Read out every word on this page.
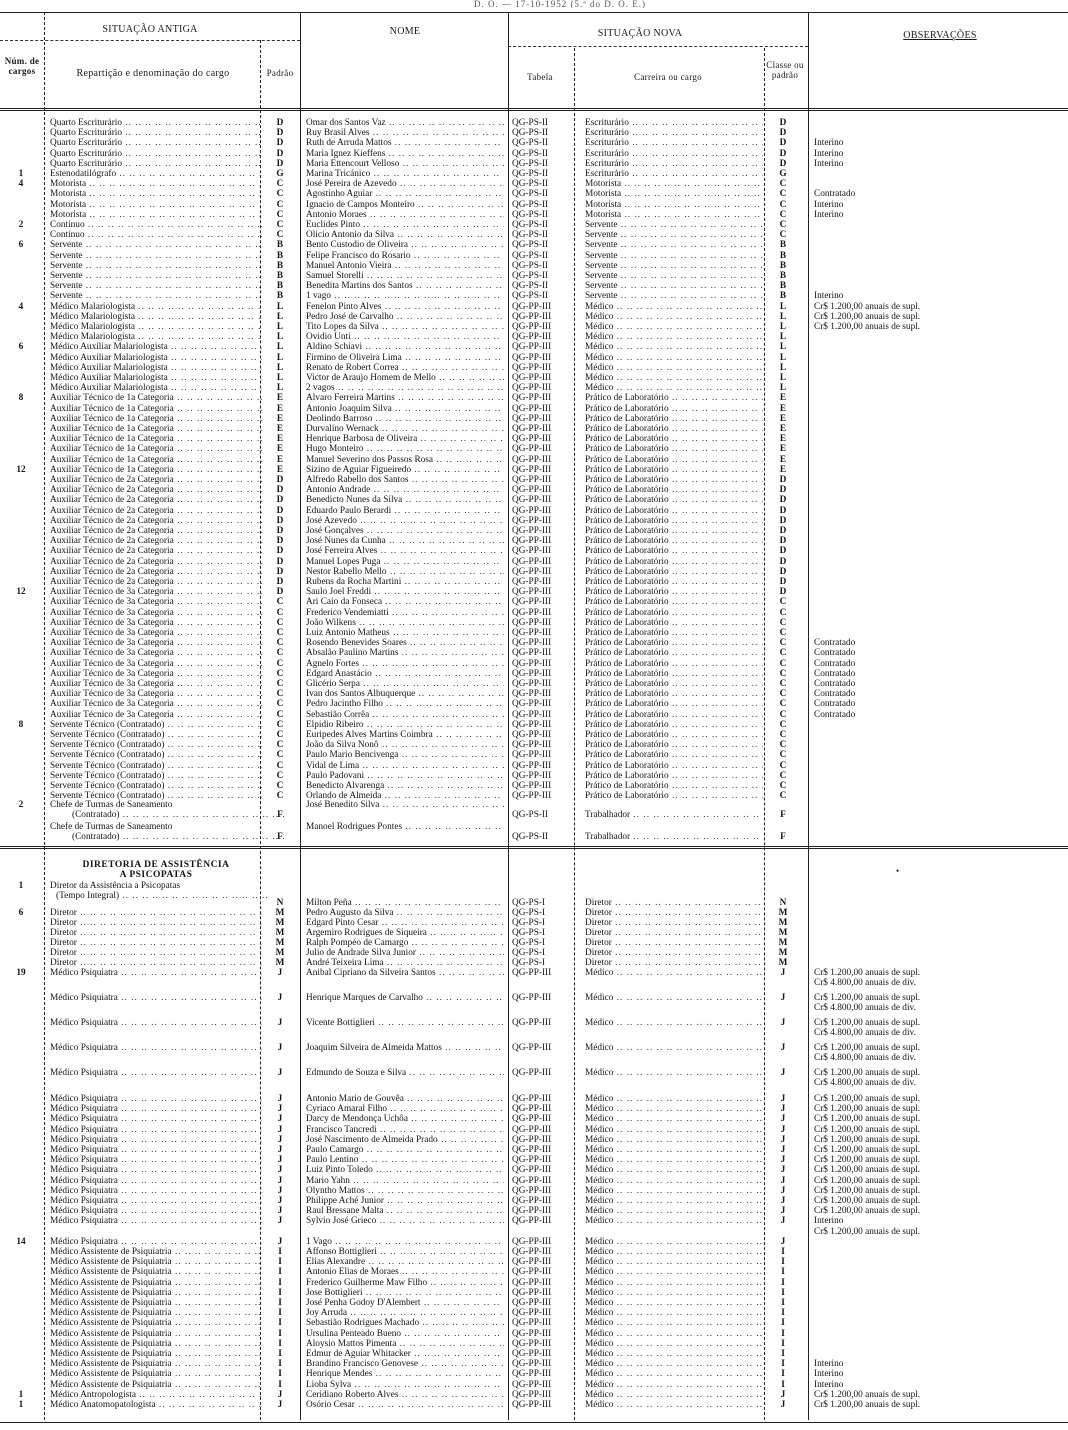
D. O. — 17-10-1952 (5.ª do D. O. E.)
SITUAÇÃO ANTIGA
Núm. de cargos	Repartição e denominação do cargo	Padrão
NOME	SITUAÇÃO NOVA
Tabela	Carreira ou cargo
Classe ou padrão
OBSERVAÇÕES
Quarto Escriturário .. ..	D	Omar dos Santos Vaz .. ..	QG-PS-II	Escriturário .. ..	D
Quarto Escriturário .. ..	D	Ruy Brasil Alves .. ..	QG-PS-II	Escriturário .. ..	D
Quarto Escriturário .. ..	D	Ruth de Arruda Mattos .. ..	QG-PS-II	Escriturário .. ..	D	Interino
Quarto Escriturário .. ..	D	Maria Ignez Kieffens .. ..	QG-PS-II	Escriturário .. ..	D	Interino
Quarto Escriturário .. ..	D	Maria Ettencourt Velloso .. ..	QG-PS-II	Escriturário .. ..	D	Interino
1	Estenodatilógrafo .. ..	G	Marina Tricánico .. ..	QG-PS-II	Escriturário .. ..	G
4	Motorista .. ..	C	José Pereira de Azevedo .. ..	QG-PS-II	Motorista .. ..	C
Motorista .. ..	C	Agostinho Aguiar .. ..	QG-PS-II	Motorista .. ..	C	Contratado
Motorista .. ..	C	Ignacio de Campos Monteiro .. ..	QG-PS-II	Motorista .. ..	C	Interino
Motorista .. ..	C	Antonio Moraes .. ..	QG-PS-II	Motorista .. ..	C	Interino
2	Contínuo .. ..	C	Euclides Pinto .. ..	QG-PS-II	Servente .. ..	C
Contínuo .. ..	C	Olicio Antonio da Silva .. ..	QG-PS-II	Servente .. ..	C
6	Servente .. ..	B	Bento Custodio de Oliveira .. ..	QG-PS-II	Servente .. ..	B
Servente .. ..	B	Felipe Francisco do Rosario .. ..	QG-PS-II	Servente .. ..	B
Servente .. ..	B	Manuel Antonio Vieira .. ..	QG-PS-II	Servente .. ..	B
Servente .. ..	B	Samuel Storelli .. ..	QG-PS-II	Servente .. ..	B
Servente .. ..	B	Benedita Martins dos Santos .. ..	QG-PS-II	Servente .. ..	B
Servente .. ..	B	1 vago .. ..	QG-PS-II	Servente .. ..	B	Interino
4	Médico Malariologista .. ..	L	Fenelon Pinto Alves .. ..	QG-PP-III	Médico .. ..	L	Cr$ 1.200,00 anuais de supl.
Médico Malariologista .. ..	L	Pedro José de Carvalho .. ..	QG-PP-III	Médico .. ..	L	Cr$ 1.200,00 anuais de supl.
Médico Malariologista .. ..	L	Tito Lopes da Silva .. ..	QG-PP-III	Médico .. ..	L	Cr$ 1.200,00 anuais de supl.
Médico Malariologista .. ..	L	Ovidio Unti .. ..	QG-PP-III	Médico .. ..	L
6	Médico Auxiliar Malariologista .. ..	L	Aldino Schiavi .. ..	QG-PP-III	Médico .. ..	L
Médico Auxiliar Malariologista .. ..	L	Firmino de Oliveira Lima .. ..	QG-PP-III	Médico .. ..	L
Médico Auxiliar Malariologista .. ..	L	Renato de Robert Correa .. ..	QG-PP-III	Médico .. ..	L
Médico Auxiliar Malariologista .. ..	L	Victor de Araujo Homem de Mello .. ..	QG-PP-III	Médico .. ..	L
Médico Auxiliar Malariologista .. ..	L	2 vagos .. ..	QG-PP-III	Médico .. ..	L
8	Auxiliar Técnico de 1a Categoria .. ..	E	Alvaro Ferreira Martins .. ..	QG-PP-III	Prático de Laboratório .. ..	E
Auxiliar Técnico de 1a Categoria .. ..	E	Antonio Joaquim Silva .. ..	QG-PP-III	Prático de Laboratório .. ..	E
Auxiliar Técnico de 1a Categoria .. ..	E	Deolindo Barroso .. ..	QG-PP-III	Prático de Laboratório .. ..	E
Auxiliar Técnico de 1a Categoria .. ..	E	Durvalino Wernack .. ..	QG-PP-III	Prático de Laboratório .. ..	E
Auxiliar Técnico de 1a Categoria .. ..	E	Henrique Barbosa de Oliveira .. ..	QG-PP-III	Prático de Laboratório .. ..	E
Auxiliar Técnico de 1a Categoria .. ..	E	Hugo Monteiro .. ..	QG-PP-III	Prático de Laboratório .. ..	E
Auxiliar Técnico de 1a Categoria .. ..	E	Manuel Severino dos Passos Rosa .. ..	QG-PP-III	Prático de Laboratório .. ..	E
12	Auxiliar Técnico de 1a Categoria .. ..	E	Sizino de Aguiar Figueiredo .. ..	QG-PP-III	Prático de Laboratório .. ..	E
Auxiliar Técnico de 2a Categoria .. ..	D	Alfredo Rabello dos Santos .. ..	QG-PP-III	Prático de Laboratório .. ..	D
Auxiliar Técnico de 2a Categoria .. ..	D	Antonio Andrade .. ..	QG-PP-III	Prático de Laboratório .. ..	D
Auxiliar Técnico de 2a Categoria .. ..	D	Benedicto Nunes da Silva .. ..	QG-PP-III	Prático de Laboratório .. ..	D
Auxiliar Técnico de 2a Categoria .. ..	D	Eduardo Paulo Berardi .. ..	QG-PP-III	Prático de Laboratório .. ..	D
Auxiliar Técnico de 2a Categoria .. ..	D	José Azevedo .. ..	QG-PP-III	Prático de Laboratório .. ..	D
Auxiliar Técnico de 2a Categoria .. ..	D	José Gonçalves .. ..	QG-PP-III	Prático de Laboratório .. ..	D
Auxiliar Técnico de 2a Categoria .. ..	D	José Nunes da Cunha .. ..	QG-PP-III	Prático de Laboratório .. ..	D
Auxiliar Técnico de 2a Categoria .. ..	D	José Ferreira Alves .. ..	QG-PP-III	Prático de Laboratório .. ..	D
Auxiliar Técnico de 2a Categoria .. ..	D	Manuel Lopes Puga .. ..	QG-PP-III	Prático de Laboratório .. ..	D
Auxiliar Técnico de 2a Categoria .. ..	D	Nestor Rabello Mello .. ..	QG-PP-III	Prático de Laboratório .. ..	D
Auxiliar Técnico de 2a Categoria .. ..	D	Rubens da Rocha Martini .. ..	QG-PP-III	Prático de Laboratório .. ..	D
12	Auxiliar Técnico de 3a Categoria .. ..	D	Saulo Joel Freddi .. ..	QG-PP-III	Prático de Laboratório .. ..	D
Auxiliar Técnico de 3a Categoria .. ..	C	Ari Caio da Fonseca .. ..	QG-PP-III	Prático de Laboratório .. ..	C
Auxiliar Técnico de 3a Categoria .. ..	C	Frederico Vendemiatti .. ..	QG-PP-III	Prático de Laboratório .. ..	C
Auxiliar Técnico de 3a Categoria .. ..	C	João Wilkens .. ..	QG-PP-III	Prático de Laboratório .. ..	C
Auxiliar Técnico de 3a Categoria .. ..	C	Luiz Antonio Matheus .. ..	QG-PP-III	Prático de Laboratório .. ..	C
Auxiliar Técnico de 3a Categoria .. ..	C	Rosendo Benevides Soares .. ..	QG-PP-III	Prático de Laboratório .. ..	C	Contratado
Auxiliar Técnico de 3a Categoria .. ..	C	Absalão Paulino Martins .. ..	QG-PP-III	Prático de Laboratório .. ..	C	Contratado
Auxiliar Técnico de 3a Categoria .. ..	C	Agnelo Fortes .. ..	QG-PP-III	Prático de Laboratório .. ..	C	Contratado
Auxiliar Técnico de 3a Categoria .. ..	C	Edgard Anastácio .. ..	QG-PP-III	Prático de Laboratório .. ..	C	Contratado
Auxiliar Técnico de 3a Categoria .. ..	C	Glicério Serpa .. ..	QG-PP-III	Prático de Laboratório .. ..	C	Contratado
Auxiliar Técnico de 3a Categoria .. ..	C	Ivan dos Santos Albuquerque .. ..	QG-PP-III	Prático de Laboratório .. ..	C	Contratado
Auxiliar Técnico de 3a Categoria .. ..	C	Pedro Jacintho Filho .. ..	QG-PP-III	Prático de Laboratório .. ..	C	Contratado
Auxiliar Técnico de 3a Categoria .. ..	C	Sebastião Corrêa .. ..	QG-PP-III	Prático de Laboratório .. ..	C	Contratado
8	Servente Técnico (Contratado) .. ..	C	Elpidio Ribeiro .. ..	QG-PP-III	Prático de Laboratório .. ..	C
Servente Técnico (Contratado) .. ..	C	Euripedes Alves Martins Coimbra .. ..	QG-PP-III	Prático de Laboratório .. ..	C
Servente Técnico (Contratado) .. ..	C	João da Silva Nonô .. ..	QG-PP-III	Prático de Laboratório .. ..	C
Servente Técnico (Contratado) .. ..	C	Paulo Mario Bencivenga .. ..	QG-PP-III	Prático de Laboratório .. ..	C
Servente Técnico (Contratado) .. ..	C	Vidal de Lima .. ..	QG-PP-III	Prático de Laboratório .. ..	C
Servente Técnico (Contratado) .. ..	C	Paulo Padovani .. ..	QG-PP-III	Prático de Laboratório .. ..	C
Servente Técnico (Contratado) .. ..	C	Benedicto Alvarenga .. ..	QG-PP-III	Prático de Laboratório .. ..	C
Servente Técnico (Contratado) .. ..	C	Orlando de Almeida .. ..	QG-PP-III	Prático de Laboratório .. ..	C
2	Chefe de Turmas de Saneamento	José Benedito Silva .. ..
(Contratado) .. ..	F	QG-PS-II	Trabalhador .. ..	F
Chefe de Turmas de Saneamento	Manoel Rodrigues Pontes .. ..
(Contratado) .. ..	F	QG-PS-II	Trabalhador .. ..	F
•
DIRETORIA DE ASSISTÊNCIA
A PSICOPATAS
1	Diretor da Assistência a Psicopatas
(Tempo Integral) .. ..
N	Milton Peña .. ..	QG-PS-I	Diretor .. ..	N
6	Diretor .. ..	M	Pedro Augusto da Silva .. ..	QG-PS-I	Diretor .. ..	M
Diretor .. ..	M	Edgard Pinto Cesar .. ..	QG-PS-I	Diretor .. ..	M
Diretor .. ..	M	Argemiro Rodrigues de Siqueira .. ..	QG-PS-I	Diretor .. ..	M
Diretor .. ..	M	Ralph Pompéo de Camargo .. ..	QG-PS-I	Diretor .. ..	M
Diretor .. ..	M	Julio de Andrade Silva Junior .. ..	QG-PS-I	Diretor .. ..	M
Diretor .. ..	M	André Teixeira Lima .. ..	QG-PS-I	Diretor .. ..	M
19	Médico Psiquiatra .. ..	J	Anibal Cipriano da Silveira Santos .. ..	QG-PP-III	Médico .. ..	J	Cr$ 1.200,00 anuais de supl.
Cr$ 4.800,00 anuais de div.
Médico Psiquiatra .. ..	J	Henrique Marques de Carvalho .. ..	QG-PP-III	Médico .. ..	J	Cr$ 1.200,00 anuais de supl.
Cr$ 4.800,00 anuais de div.
Médico Psiquiatra .. ..	J	Vicente Bottiglieri .. ..	QG-PP-III	Médico .. ..	J	Cr$ 1.200,00 anuais de supl.
Cr$ 4.800,00 anuais de div.
Médico Psiquiatra .. ..	J	Joaquim Silveira de Almeida Mattos .. ..	QG-PP-III	Médico .. ..	J	Cr$ 1.200,00 anuais de supl.
Cr$ 4.800,00 anuais de div.
Médico Psiquiatra .. ..	J	Edmundo de Souza e Silva .. ..	QG-PP-III	Médico .. ..	J	Cr$ 1.200,00 anuais de supl.
Cr$ 4.800,00 anuais de div.
Médico Psiquiatra .. ..	J	Antonio Mario de Gouvêa .. ..	QG-PP-III	Médico .. ..	J	Cr$ 1.200,00 anuais de supl.
Médico Psiquiatra .. ..	J	Cyriaco Amaral Filho .. ..	QG-PP-III	Médico .. ..	J	Cr$ 1.200,00 anuais de supl.
Médico Psiquiatra .. ..	J	Darcy de Mendonça Uchôa .. ..	QG-PP-III	Médico .. ..	J	Cr$ 1.200,00 anuais de supl.
Médico Psiquiatra .. ..	J	Francisco Tancredi .. ..	QG-PP-III	Médico .. ..	J	Cr$ 1.200,00 anuais de supl.
Médico Psiquiatra .. ..	J	José Nascimento de Almeida Prado .. ..	QG-PP-III	Médico .. ..	J	Cr$ 1.200,00 anuais de supl.
Médico Psiquiatra .. ..	J	Paulo Camargo .. ..	QG-PP-III	Médico .. ..	J	Cr$ 1.200,00 anuais de supl.
Médico Psiquiatra .. ..	J	Paulo Lentino .. ..	QG-PP-III	Médico .. ..	J	Cr$ 1.200,00 anuais de supl.
Médico Psiquiatra .. ..	J	Luiz Pinto Toledo .. ..	QG-PP-III	Médico .. ..	J	Cr$ 1.200,00 anuais de supl.
Médico Psiquiatra .. ..	J	Mario Yahn .. ..	QG-PP-III	Médico .. ..	J	Cr$ 1.200,00 anuais de supl.
Médico Psiquiatra .. ..	J	Olyntho Mattos .. ..	QG-PP-III	Médico .. ..	J	Cr$ 1.200,00 anuais de supl.
Médico Psiquiatra .. ..	J	Philippe Aché Junior .. ..	QG-PP-III	Médico .. ..	J	Cr$ 1.200,00 anuais de supl.
Médico Psiquiatra .. ..	J	Raul Bressane Malta .. ..	QG-PP-III	Médico .. ..	J	Cr$ 1.200,00 anuais de supl.
Médico Psiquiatra .. ..	J	Sylvio José Grieco .. ..	QG-PP-III	Médico .. ..	J	Interino
Cr$ 1.200,00 anuais de supl.
14	Médico Psiquiatra .. ..	J	1 Vago .. ..	QG-PP-III	Médico .. ..	J
Médico Assistente de Psiquiatria .. ..	I	Affonso Bottiglieri .. ..	QG-PP-III	Médico .. ..	I
Médico Assistente de Psiquiatria .. ..	I	Elias Alexandre .. ..	QG-PP-III	Médico .. ..	I
Médico Assistente de Psiquiatria .. ..	I	Antonio Elias de Moraes .. ..	QG-PP-III	Médico .. ..	I
Médico Assistente de Psiquiatria .. ..	I	Frederico Guilherme Maw Filho .. ..	QG-PP-III	Médico .. ..	I
Médico Assistente de Psiquiatria .. ..	I	Jose Bottiglieri .. ..	QG-PP-III	Médico .. ..	I
Médico Assistente de Psiquiatria .. ..	I	José Penha Godoy D'Alembert .. ..	QG-PP-III	Médico .. ..	I
Médico Assistente de Psiquiatria .. ..	I	Joy Arruda .. ..	QG-PP-III	Médico .. ..	I
Médico Assistente de Psiquiatria .. ..	I	Sebastião Rodrigues Machado .. ..	QG-PP-III	Médico .. ..	I
Médico Assistente de Psiquiatria .. ..	I	Ursulina Penteado Bueno .. ..	QG-PP-III	Médico .. ..	I
Médico Assistente de Psiquiatria .. ..	I	Aloysio Mattos Pimenta .. ..	QG-PP-III	Médico .. ..	I
Médico Assistente de Psiquiatria .. ..	I	Edmur de Aguiar Whitacker .. ..	QG-PP-III	Médico .. ..	I
Médico Assistente de Psiquiatria .. ..	I	Brandino Francisco Genovese .. ..	QG-PP-III	Médico .. ..	I	Interino
Médico Assistente de Psiquiatria .. ..	I	Henrique Mendes .. ..	QG-PP-III	Médico .. ..	I	Interino
Médico Assistente de Psiquiatria .. ..	I	Lioba Sylva .. ..	QG-PP-III	Médico .. ..	I	Interino
1	Médico Antropologista .. ..	J	Ceridiano Roberto Alves .. ..	QG-PP-III	Médico .. ..	J	Cr$ 1.200,00 anuais de supl.
1	Médico Anatomopatologista .. ..	J	Osório Cesar .. ..	QG-PP-III	Médico .. ..	J	Cr$ 1.200,00 anuais de supl.
